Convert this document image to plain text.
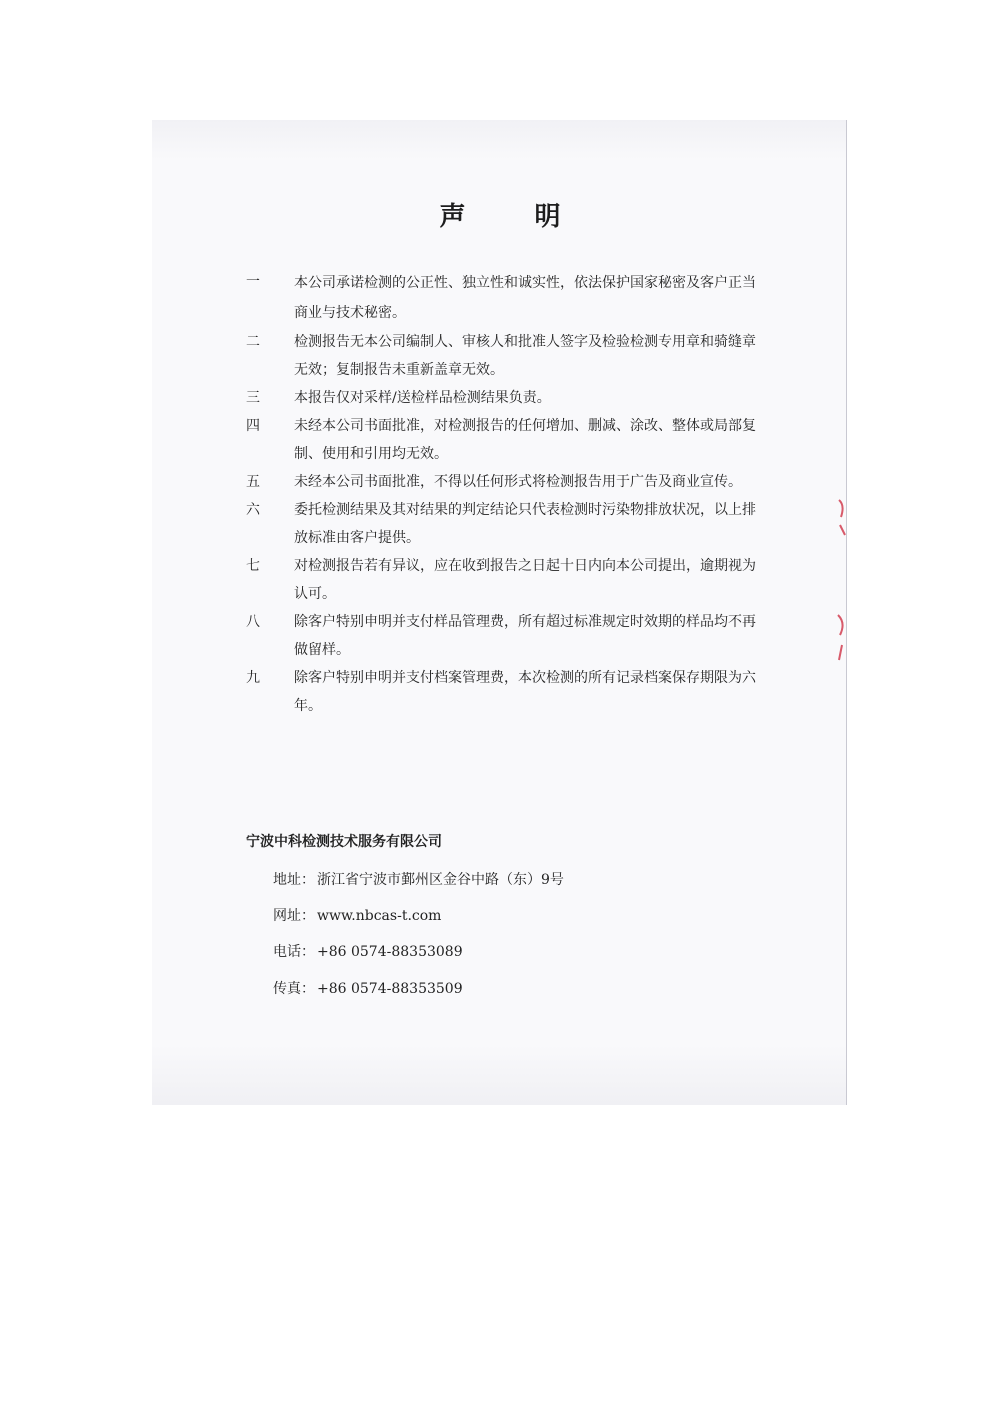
声 明
一	本公司承诺检测的公正性、独立性和诚实性，依法保护国家秘密及客户正当商业与技术秘密。
二	检测报告无本公司编制人、审核人和批准人签字及检验检测专用章和骑缝章无效；复制报告未重新盖章无效。
三	本报告仅对采样/送检样品检测结果负责。
四	未经本公司书面批准，对检测报告的任何增加、删减、涂改、整体或局部复制、使用和引用均无效。
五	未经本公司书面批准，不得以任何形式将检测报告用于广告及商业宣传。
六	委托检测结果及其对结果的判定结论只代表检测时污染物排放状况，以上排放标准由客户提供。
七	对检测报告若有异议，应在收到报告之日起十日内向本公司提出，逾期视为认可。
八	除客户特别申明并支付样品管理费，所有超过标准规定时效期的样品均不再做留样。
九	除客户特别申明并支付档案管理费，本次检测的所有记录档案保存期限为六年。
宁波中科检测技术服务有限公司
地址： 浙江省宁波市鄞州区金谷中路（东）9号
网址： www.nbcas-t.com
电话： +86 0574-88353089
传真： +86 0574-88353509
